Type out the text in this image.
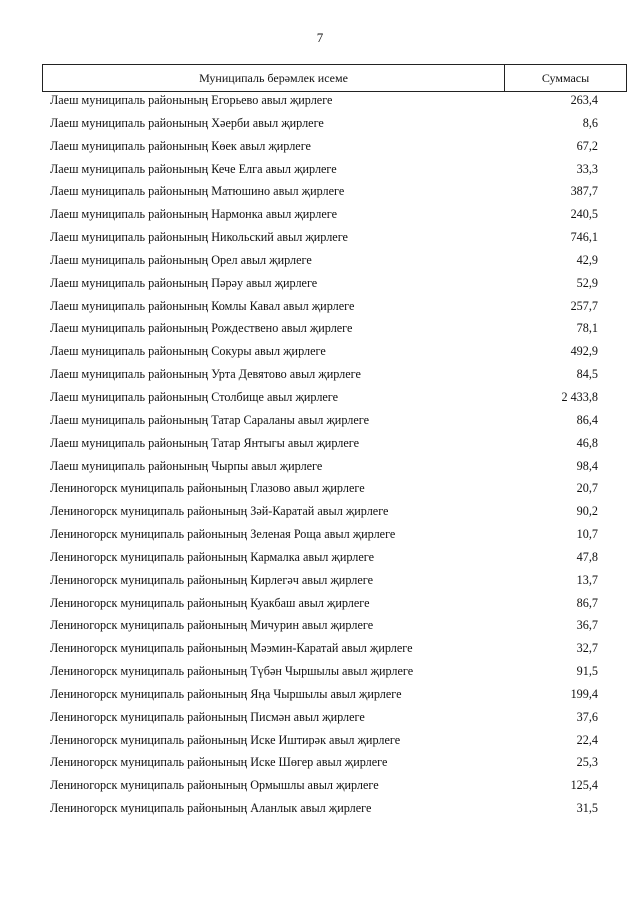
7
Муниципаль берәмлек исеме	Суммасы
Лаеш муниципаль районының Егорьево авыл җирлеге	263,4
Лаеш муниципаль районының Хәерби авыл җирлеге	8,6
Лаеш муниципаль районының Көек авыл җирлеге	67,2
Лаеш муниципаль районының Кече Елга авыл җирлеге	33,3
Лаеш муниципаль районының Матюшино авыл җирлеге	387,7
Лаеш муниципаль районының Нармонка авыл җирлеге	240,5
Лаеш муниципаль районының Никольский авыл җирлеге	746,1
Лаеш муниципаль районының Орел авыл җирлеге	42,9
Лаеш муниципаль районының Пәрәу авыл җирлеге	52,9
Лаеш муниципаль районының Комлы Кавал авыл җирлеге	257,7
Лаеш муниципаль районының Рождествено авыл җирлеге	78,1
Лаеш муниципаль районының Сокуры авыл җирлеге	492,9
Лаеш муниципаль районының Урта Девятово авыл җирлеге	84,5
Лаеш муниципаль районының Столбище авыл җирлеге	2 433,8
Лаеш муниципаль районының Татар Сараланы авыл җирлеге	86,4
Лаеш муниципаль районының Татар Янтыгы авыл җирлеге	46,8
Лаеш муниципаль районының Чырпы авыл җирлеге	98,4
Лениногорск муниципаль районының Глазово авыл җирлеге	20,7
Лениногорск муниципаль районының Зәй-Каратай авыл җирлеге	90,2
Лениногорск муниципаль районының Зеленая Роща авыл җирлеге	10,7
Лениногорск муниципаль районының Кармалка авыл җирлеге	47,8
Лениногорск муниципаль районының Кирлегәч авыл җирлеге	13,7
Лениногорск муниципаль районының Куакбаш авыл җирлеге	86,7
Лениногорск муниципаль районының Мичурин авыл җирлеге	36,7
Лениногорск муниципаль районының Мәэмин-Каратай авыл җирлеге	32,7
Лениногорск муниципаль районының Түбән Чыршылы авыл җирлеге	91,5
Лениногорск муниципаль районының Яңа Чыршылы авыл җирлеге	199,4
Лениногорск муниципаль районының Писмән авыл җирлеге	37,6
Лениногорск муниципаль районының Иске Иштирәк авыл җирлеге	22,4
Лениногорск муниципаль районының Иске Шөгер авыл җирлеге	25,3
Лениногорск муниципаль районының Ормышлы авыл җирлеге	125,4
Лениногорск муниципаль районының Аланлык авыл җирлеге	31,5
